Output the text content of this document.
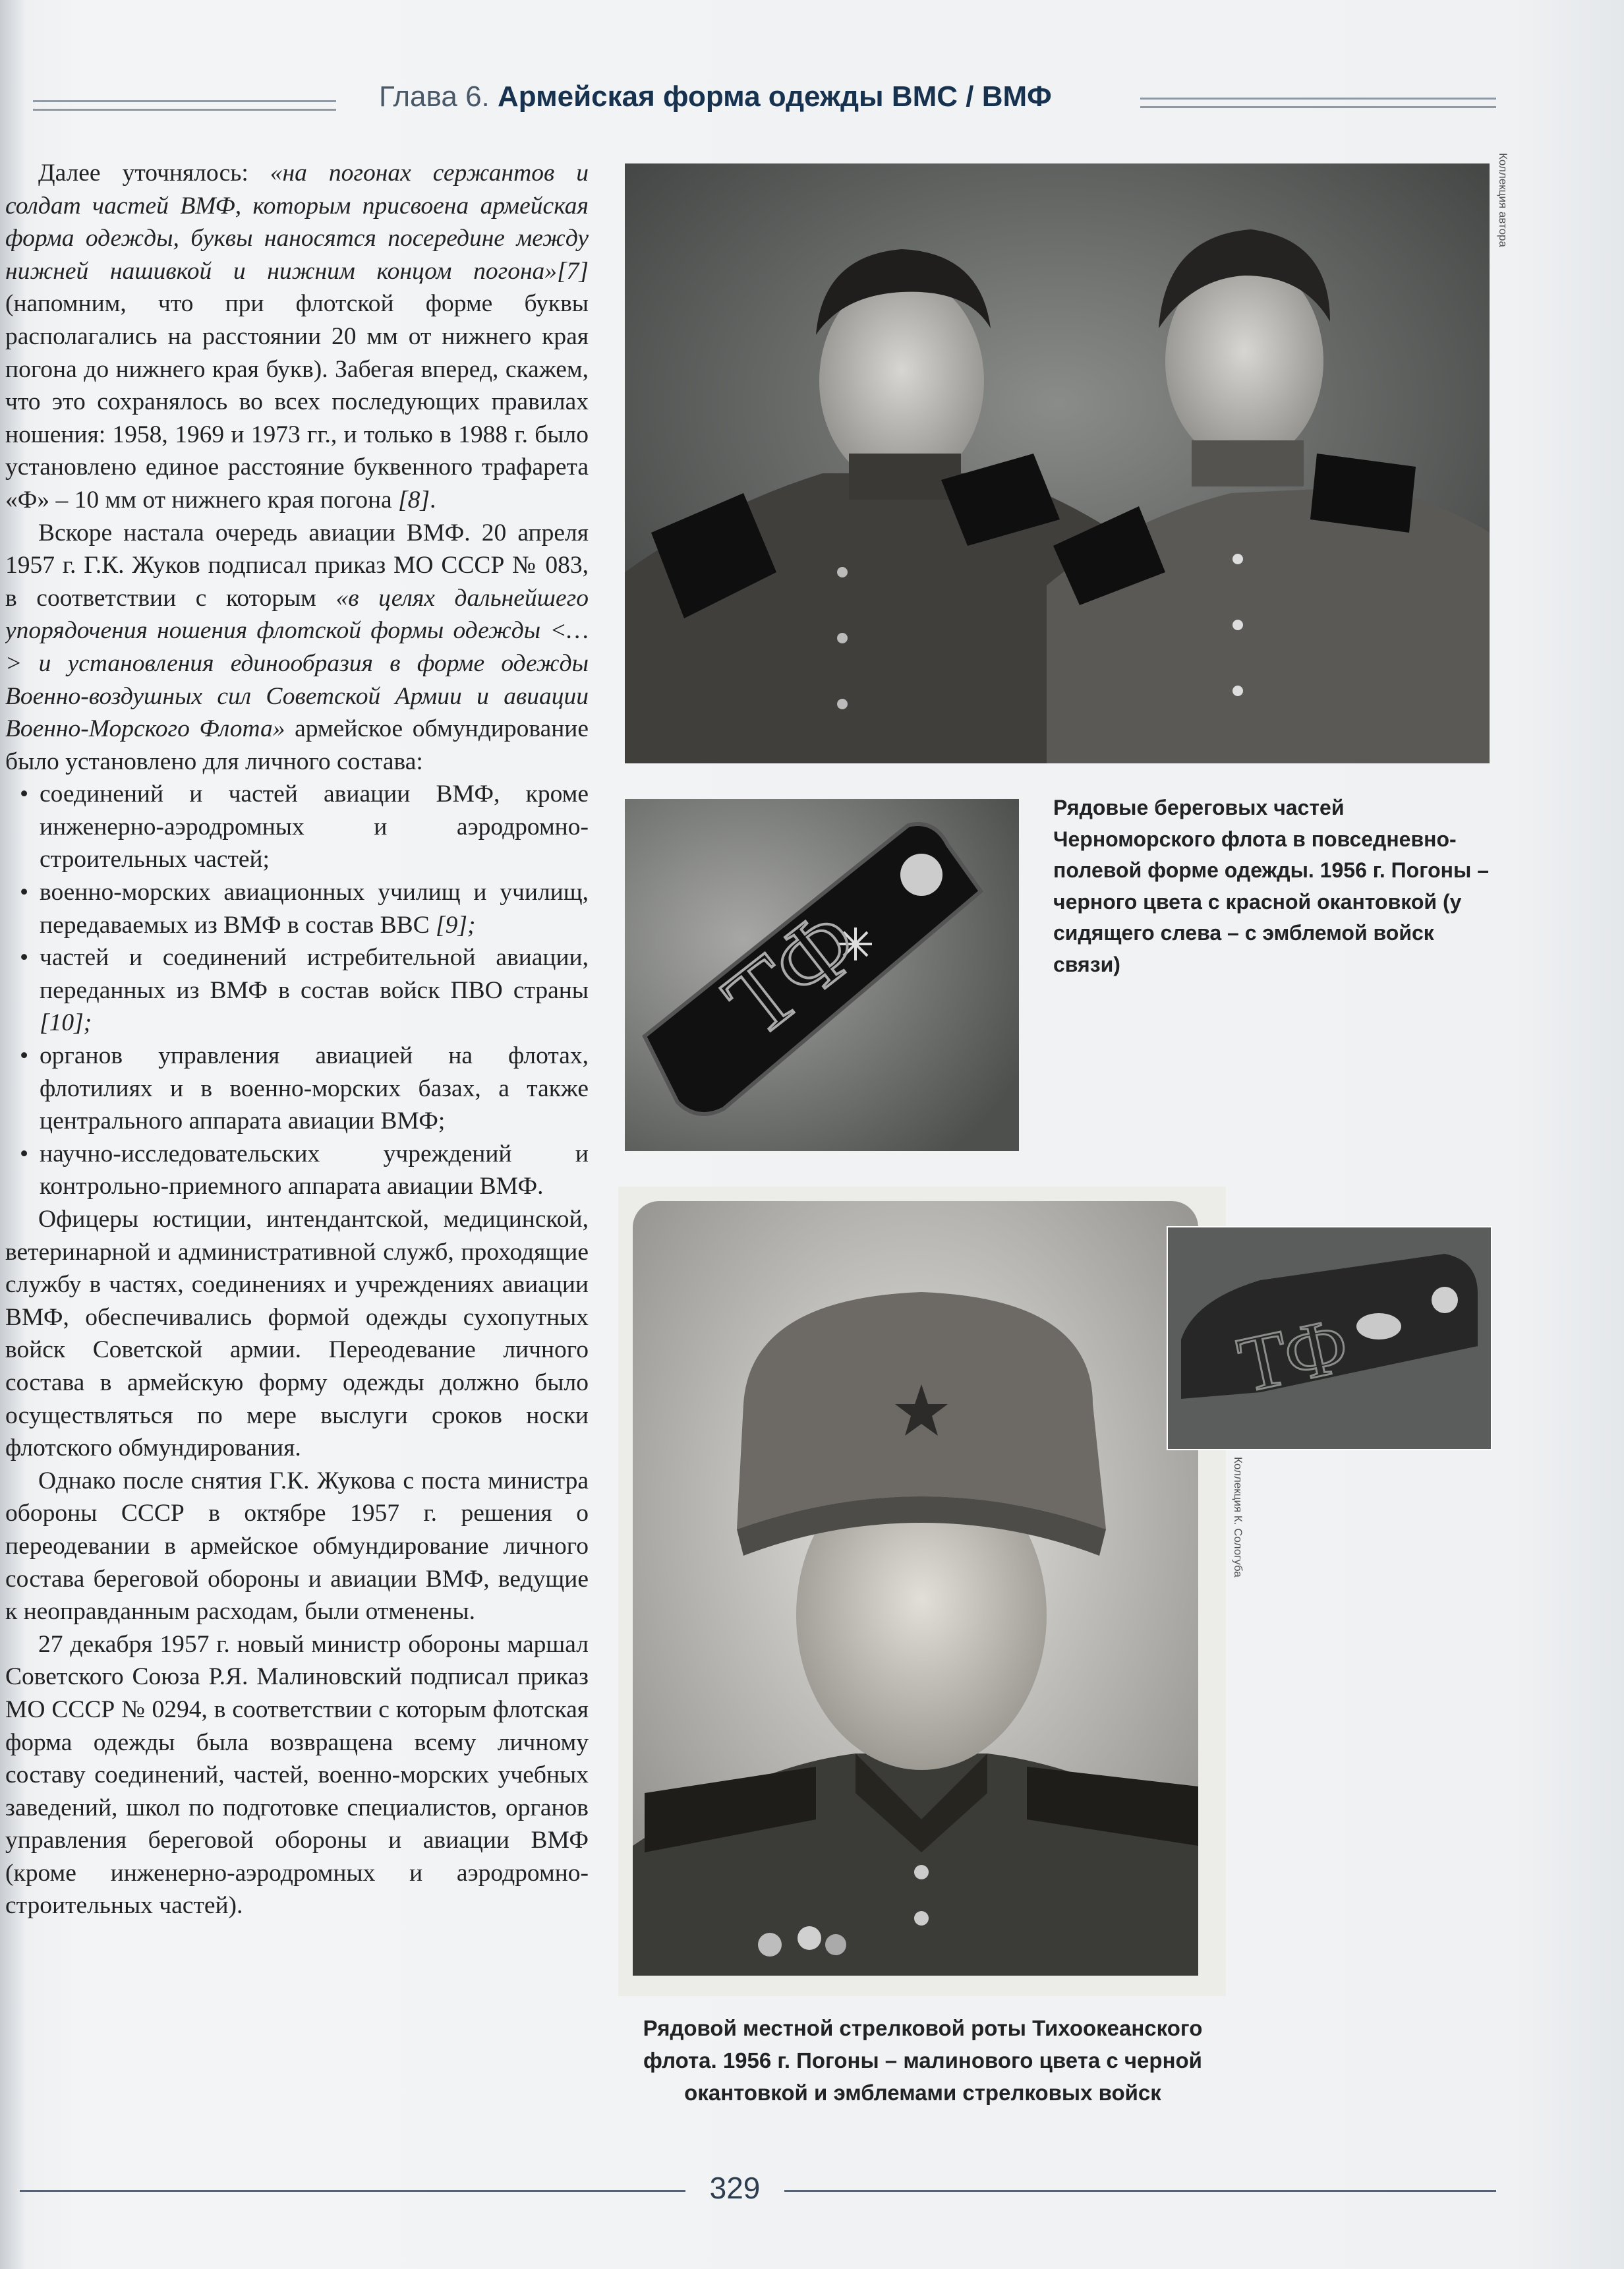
Глава 6. Армейская форма одежды ВМС / ВМФ

Далее уточнялось: «на погонах сержантов и солдат частей ВМФ, которым присвоена армейская форма одежды, буквы наносятся посередине между нижней нашивкой и нижним концом погона»[7] (напомним, что при флотской форме буквы располагались на расстоянии 20 мм от нижнего края погона до нижнего края букв). Забегая вперед, скажем, что это сохранялось во всех последующих правилах ношения: 1958, 1969 и 1973 гг., и только в 1988 г. было установлено единое расстояние буквенного трафарета «Ф» – 10 мм от нижнего края погона [8].

Вскоре настала очередь авиации ВМФ. 20 апреля 1957 г. Г.К. Жуков подписал приказ МО СССР № 083, в соответствии с которым «в целях дальнейшего упорядочения ношения флотской формы одежды <…> и установления единообразия в форме одежды Военно-воздушных сил Советской Армии и авиации Военно-Морского Флота» армейское обмундирование было установлено для личного состава:

• соединений и частей авиации ВМФ, кроме инженерно-аэродромных и аэродромно-строительных частей;
• военно-морских авиационных училищ и училищ, передаваемых из ВМФ в состав ВВС [9];
• частей и соединений истребительной авиации, переданных из ВМФ в состав войск ПВО страны [10];
• органов управления авиацией на флотах, флотилиях и в военно-морских базах, а также центрального аппарата авиации ВМФ;
• научно-исследовательских учреждений и контрольно-приемного аппарата авиации ВМФ.

Офицеры юстиции, интендантской, медицинской, ветеринарной и административной служб, проходящие службу в частях, соединениях и учреждениях авиации ВМФ, обеспечивались формой одежды сухопутных войск Советской армии. Переодевание личного состава в армейскую форму одежды должно было осуществляться по мере выслуги сроков носки флотского обмундирования.

Однако после снятия Г.К. Жукова с поста министра обороны СССР в октябре 1957 г. решения о переодевании в армейское обмундирование личного состава береговой обороны и авиации ВМФ, ведущие к неоправданным расходам, были отменены.

27 декабря 1957 г. новый министр обороны маршал Советского Союза Р.Я. Малиновский подписал приказ МО СССР № 0294, в соответствии с которым флотская форма одежды была возвращена всему личному составу соединений, частей, военно-морских учебных заведений, школ по подготовке специалистов, органов управления береговой обороны и авиации ВМФ (кроме инженерно-аэродромных и аэродромно-строительных частей).

Коллекция автора
ТФ
Рядовые береговых частей Черноморского флота в повседневно-полевой форме одежды. 1956 г. Погоны – черного цвета с красной окантовкой (у сидящего слева – с эмблемой войск связи)
ТФ
Коллекция К. Сологуба
Рядовой местной стрелковой роты Тихоокеанского флота. 1956 г. Погоны – малинового цвета с черной окантовкой и эмблемами стрелковых войск
329
